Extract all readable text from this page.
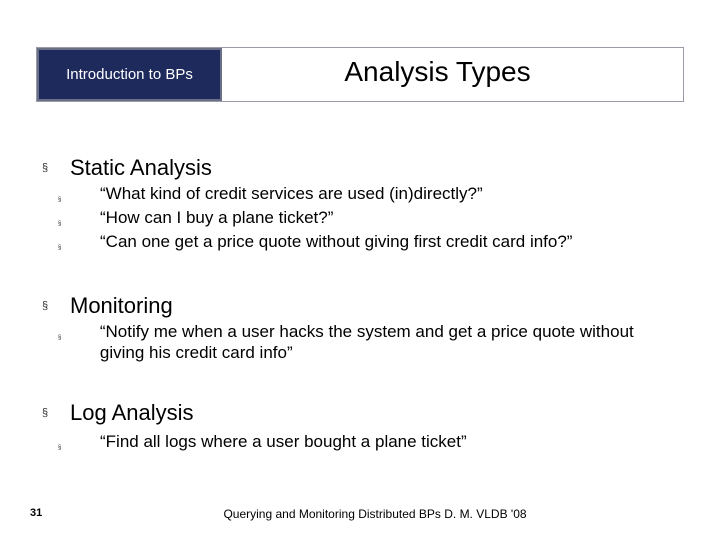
Introduction to BPs	Analysis Types
§ Static Analysis
§	“What kind of credit services are used (in)directly?”
§	“How can I buy a plane ticket?”
§	“Can one get a price quote without giving first credit card info?”
§ Monitoring
§	“Notify me when a user hacks the system and get a price quote without giving his credit card info”
§ Log Analysis
§	“Find all logs where a user bought a plane ticket”
31	Querying and Monitoring Distributed BPs D. M. VLDB '08
